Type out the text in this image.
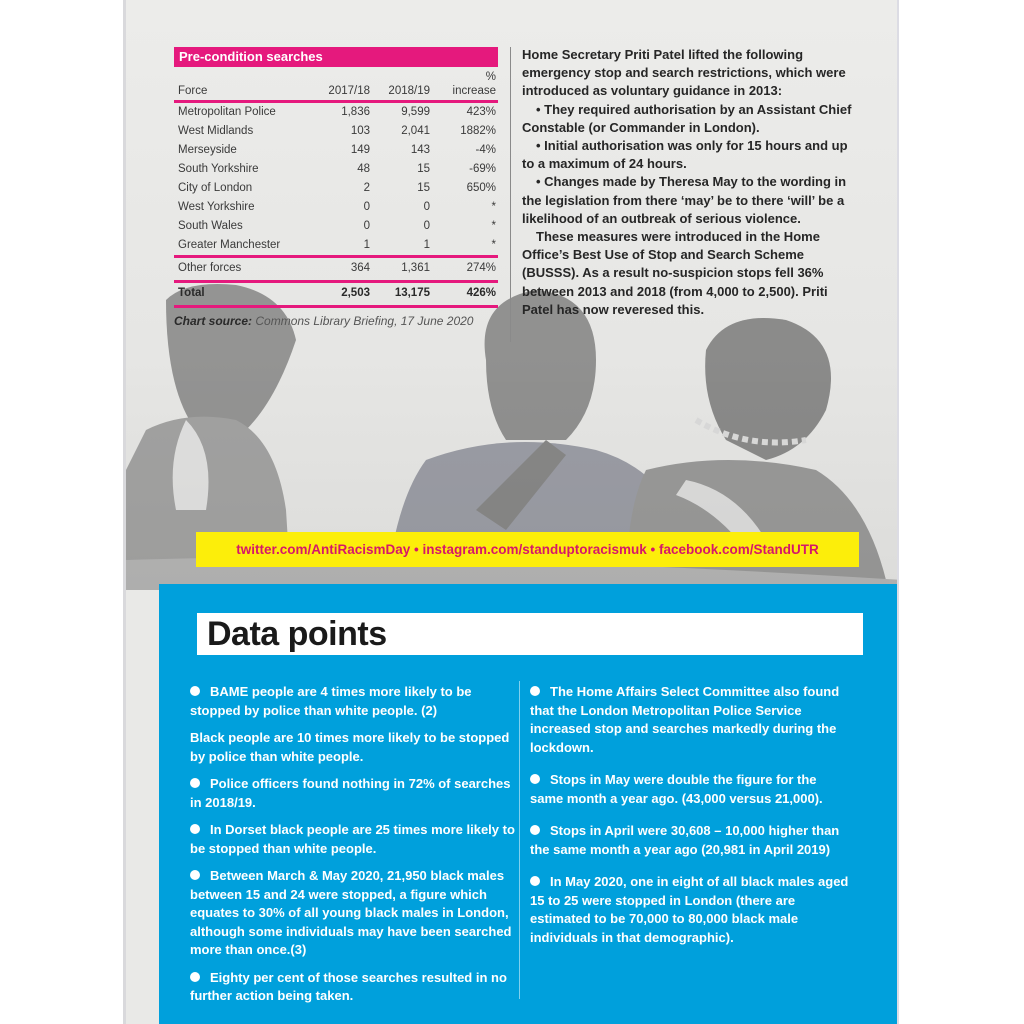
Pre-condition searches
Force	2017/18	2018/19	%
increase

Metropolitan Police	1,836	9,599	423%
West Midlands	103	2,041	1882%
Merseyside	149	143	-4%
South Yorkshire	48	15	-69%
City of London	2	15	650%
West Yorkshire	0	0	*
South Wales	0	0	*
Greater Manchester	1	1	*
Other forces	364	1,361	274%
Total	2,503	13,175	426%
Chart source: Commons Library Briefing, 17 June 2020

Home Secretary Priti Patel lifted the following emergency stop and search restrictions, which were introduced as voluntary guidance in 2013:

• They required authorisation by an Assistant Chief Constable (or Commander in London).

• Initial authorisation was only for 15 hours and up to a maximum of 24 hours.

• Changes made by Theresa May to the wording in the legislation from there ‘may’ be to there ‘will’ be a likelihood of an outbreak of serious violence.

These measures were introduced in the Home Office’s Best Use of Stop and Search Scheme (BUSSS). As a result no-suspicion stops fell 36% between 2013 and 2018 (from 4,000 to 2,500). Priti Patel has now reveresed this.

twitter.com/AntiRacismDay • instagram.com/standuptoracismuk • facebook.com/StandUTR
Data points

BAME people are 4 times more likely to be stopped by police than white people. (2)

Black people are 10 times more likely to be stopped by police than white people.

Police officers found nothing in 72% of searches in 2018/19.

In Dorset black people are 25 times more likely to be stopped than white people.

Between March & May 2020, 21,950 black males between 15 and 24 were stopped, a figure which equates to 30% of all young black males in London, although some individuals may have been searched more than once.(3)

Eighty per cent of those searches resulted in no further action being taken.

The Home Affairs Select Committee also found that the London Metropolitan Police Service increased stop and searches markedly during the lockdown.

Stops in May were double the figure for the same month a year ago. (43,000 versus 21,000).

Stops in April were 30,608 – 10,000 higher than the same month a year ago (20,981 in April 2019)

In May 2020, one in eight of all black males aged 15 to 25 were stopped in London (there are estimated to be 70,000 to 80,000 black male individuals in that demographic).
